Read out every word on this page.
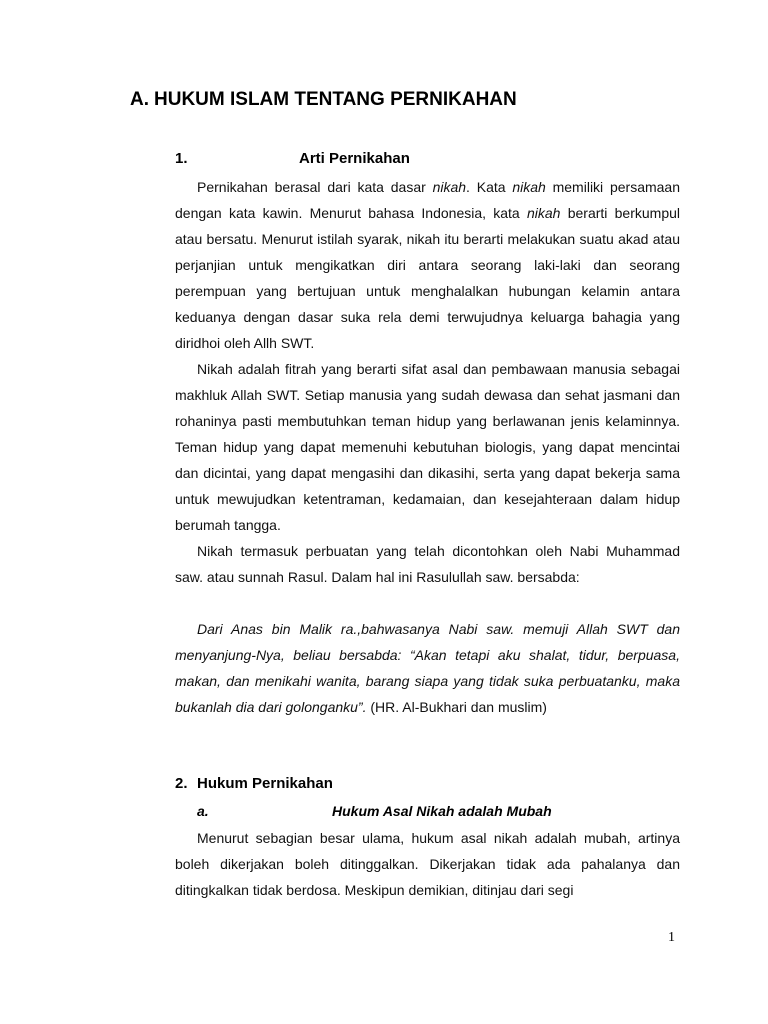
A. HUKUM ISLAM TENTANG PERNIKAHAN
1.	Arti Pernikahan

Pernikahan berasal dari kata dasar nikah. Kata nikah memiliki persamaan dengan kata kawin. Menurut bahasa Indonesia, kata nikah berarti berkumpul atau bersatu. Menurut istilah syarak, nikah itu berarti melakukan suatu akad atau perjanjian untuk mengikatkan diri antara seorang laki-laki dan seorang perempuan yang bertujuan untuk menghalalkan hubungan kelamin antara keduanya dengan dasar suka rela demi terwujudnya keluarga bahagia yang diridhoi oleh Allh SWT.

Nikah adalah fitrah yang berarti sifat asal dan pembawaan manusia sebagai makhluk Allah SWT. Setiap manusia yang sudah dewasa dan sehat jasmani dan rohaninya pasti membutuhkan teman hidup yang berlawanan jenis kelaminnya. Teman hidup yang dapat memenuhi kebutuhan biologis, yang dapat mencintai dan dicintai, yang dapat mengasihi dan dikasihi, serta yang dapat bekerja sama untuk mewujudkan ketentraman, kedamaian, dan kesejahteraan dalam hidup berumah tangga.

Nikah termasuk perbuatan yang telah dicontohkan oleh Nabi Muhammad saw. atau sunnah Rasul. Dalam hal ini Rasulullah saw. bersabda:

Dari Anas bin Malik ra.,bahwasanya Nabi saw. memuji Allah SWT dan menyanjung-Nya, beliau bersabda: “Akan tetapi aku shalat, tidur, berpuasa, makan, dan menikahi wanita, barang siapa yang tidak suka perbuatanku, maka bukanlah dia dari golonganku”. (HR. Al-Bukhari dan muslim)

2. Hukum Pernikahan
a.	Hukum Asal Nikah adalah Mubah

Menurut sebagian besar ulama, hukum asal nikah adalah mubah, artinya boleh dikerjakan boleh ditinggalkan. Dikerjakan tidak ada pahalanya dan ditingkalkan tidak berdosa. Meskipun demikian, ditinjau dari segi

1
